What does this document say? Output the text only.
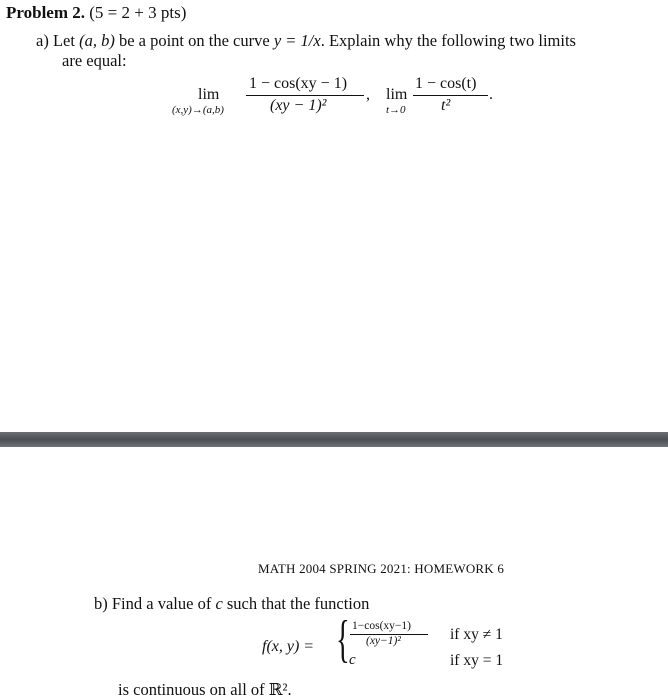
Problem 2. (5 = 2 + 3 pts)
a) Let (a, b) be a point on the curve y = 1/x. Explain why the following two limits
are equal:
lim
(x,y)→(a,b)
1 − cos(xy − 1)
(xy − 1)²
, lim
t→0
1 − cos(t)
t²
.
MATH 2004 SPRING 2021: HOMEWORK 6
b) Find a value of c such that the function
f(x, y) = { 1−cos(xy−1)
(xy−1)²
c
if xy ≠ 1
if xy = 1
is continuous on all of ℝ².
